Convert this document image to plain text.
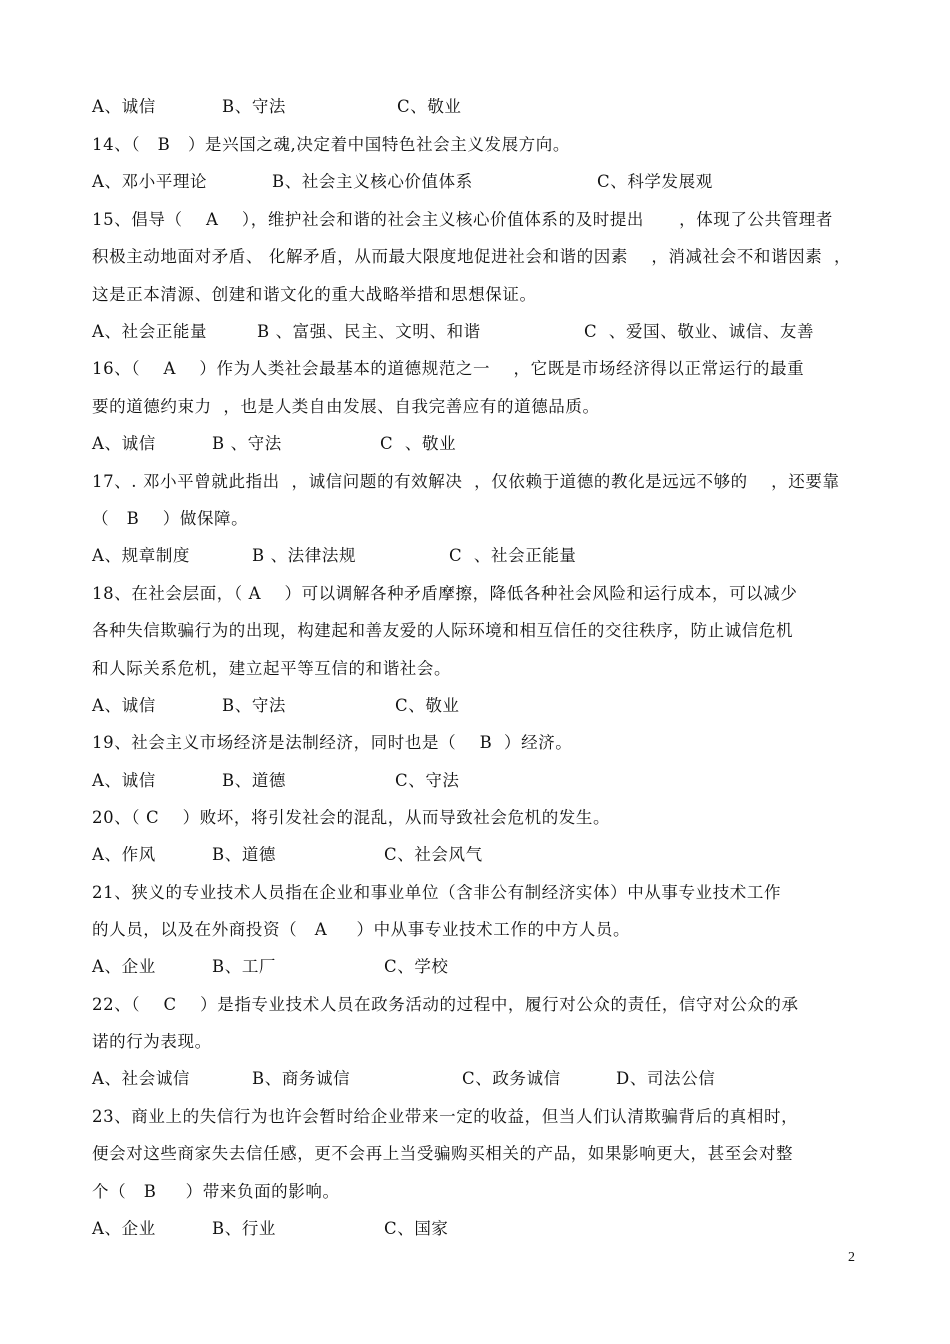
2
A、诚信	B、守法	C、敬业
14、（   B   ）是兴国之魂,决定着中国特色社会主义发展方向。
A、邓小平理论	B、社会主义核心价值体系	C、科学发展观
15、倡导（    A    ），维护社会和谐的社会主义核心价值体系的及时提出      ，体现了公共管理者
积极主动地面对矛盾、 化解矛盾，从而最大限度地促进社会和谐的因素    ，消减社会不和谐因素  ，
这是正本清源、创建和谐文化的重大战略举措和思想保证。
A、社会正能量	B 、富强、民主、文明、和谐	C  、爱国、敬业、诚信、友善
16、（    A    ）作为人类社会最基本的道德规范之一    ，它既是市场经济得以正常运行的最重
要的道德约束力  ，也是人类自由发展、自我完善应有的道德品质。
A、诚信	B 、守法	C  、敬业
17、. 邓小平曾就此指出  ，诚信问题的有效解决  ，仅依赖于道德的教化是远远不够的    ，还要靠
（   B    ）做保障。
A、规章制度	B 、法律法规	C  、社会正能量
18、在社会层面，（ A    ）可以调解各种矛盾摩擦，降低各种社会风险和运行成本，可以减少
各种失信欺骗行为的出现，构建起和善友爱的人际环境和相互信任的交往秩序，防止诚信危机
和人际关系危机，建立起平等互信的和谐社会。
A、诚信	B、守法	C、敬业
19、社会主义市场经济是法制经济，同时也是（    B  ）经济。
A、诚信	B、道德	C、守法
20、（ C    ）败坏，将引发社会的混乱，从而导致社会危机的发生。
A、作风	B、道德	C、社会风气
21、狭义的专业技术人员指在企业和事业单位（含非公有制经济实体）中从事专业技术工作
的人员，以及在外商投资（   A     ）中从事专业技术工作的中方人员。
A、企业	B、工厂	C、学校
22、（    C    ）是指专业技术人员在政务活动的过程中，履行对公众的责任，信守对公众的承
诺的行为表现。
A、社会诚信	B、商务诚信	C、政务诚信	D、司法公信
23、商业上的失信行为也许会暂时给企业带来一定的收益，但当人们认清欺骗背后的真相时，
便会对这些商家失去信任感，更不会再上当受骗购买相关的产品，如果影响更大，甚至会对整
个（   B     ）带来负面的影响。
A、企业	B、行业	C、国家
